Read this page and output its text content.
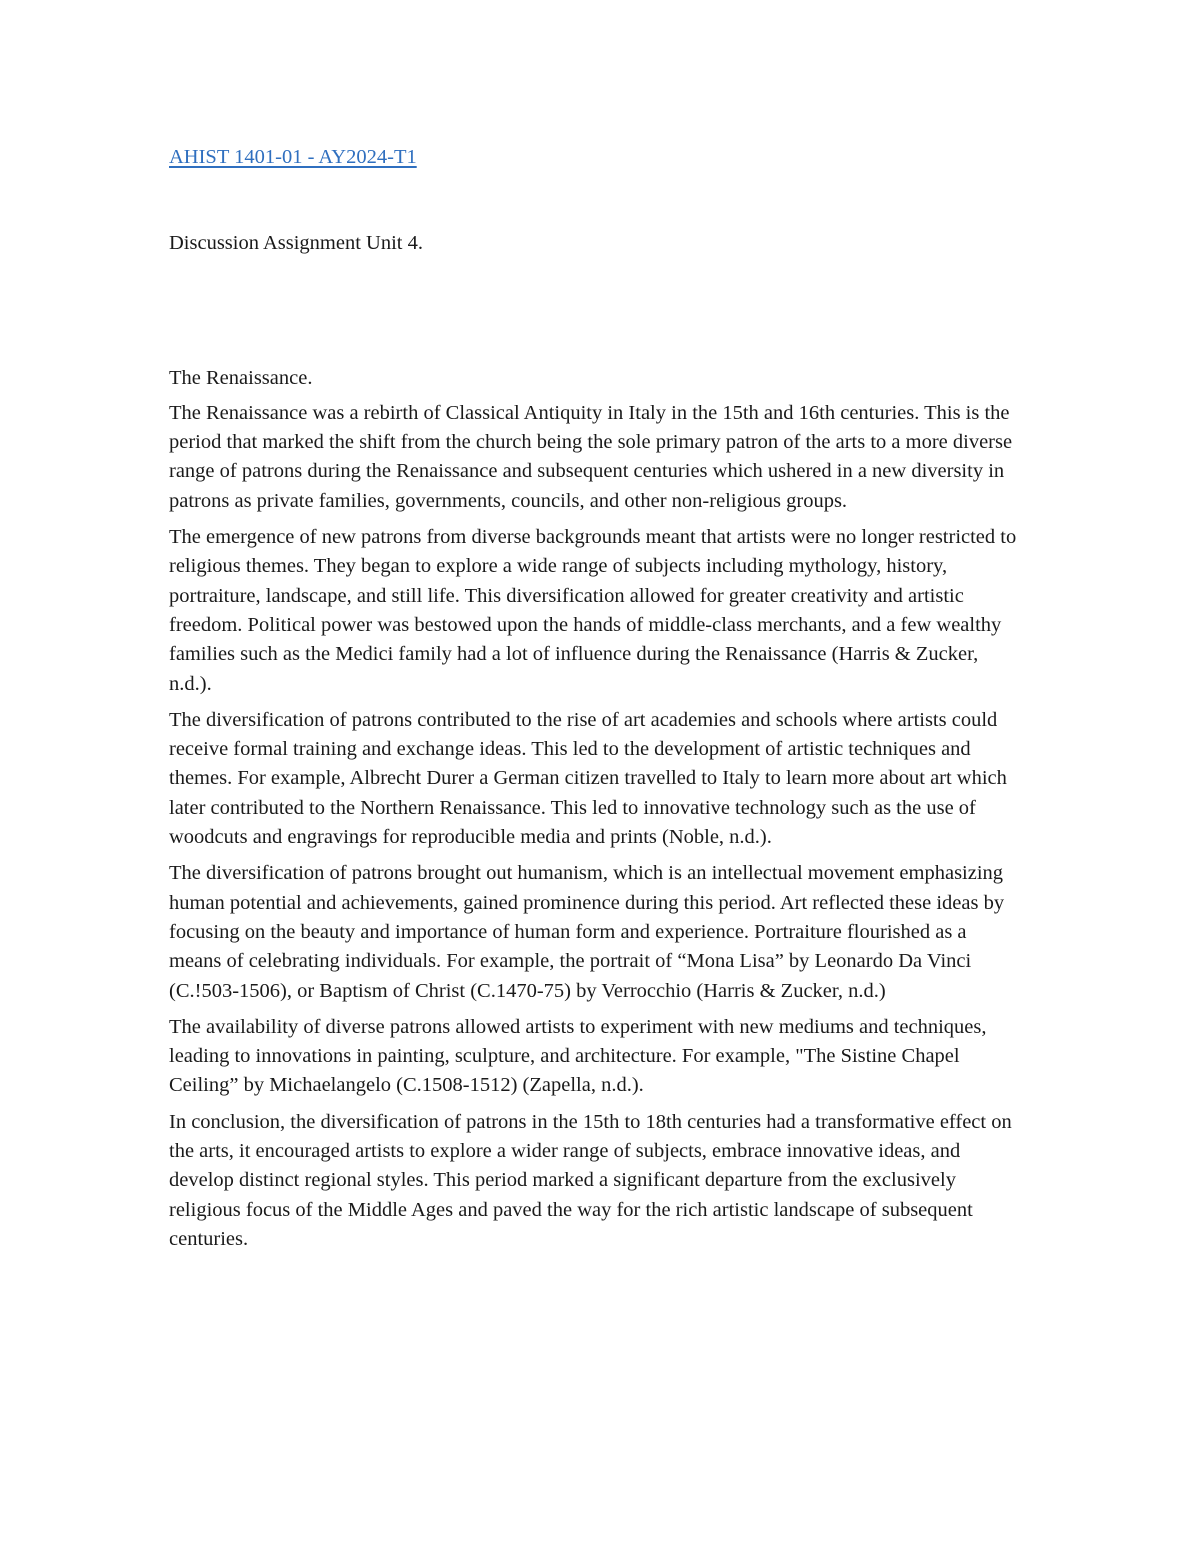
AHIST 1401-01 - AY2024-T1

Discussion Assignment Unit 4.

The Renaissance.

The Renaissance was a rebirth of Classical Antiquity in Italy in the 15th and 16th centuries. This is the period that marked the shift from the church being the sole primary patron of the arts to a more diverse range of patrons during the Renaissance and subsequent centuries which ushered in a new diversity in patrons as private families, governments, councils, and other non-religious groups.

The emergence of new patrons from diverse backgrounds meant that artists were no longer restricted to religious themes. They began to explore a wide range of subjects including mythology, history, portraiture, landscape, and still life. This diversification allowed for greater creativity and artistic freedom. Political power was bestowed upon the hands of middle-class merchants, and a few wealthy families such as the Medici family had a lot of influence during the Renaissance (Harris & Zucker, n.d.).

The diversification of patrons contributed to the rise of art academies and schools where artists could receive formal training and exchange ideas. This led to the development of artistic techniques and themes. For example, Albrecht Durer a German citizen travelled to Italy to learn more about art which later contributed to the Northern Renaissance. This led to innovative technology such as the use of woodcuts and engravings for reproducible media and prints (Noble, n.d.).

The diversification of patrons brought out humanism, which is an intellectual movement emphasizing human potential and achievements, gained prominence during this period. Art reflected these ideas by focusing on the beauty and importance of human form and experience. Portraiture flourished as a means of celebrating individuals. For example, the portrait of “Mona Lisa” by Leonardo Da Vinci (C.!503-1506), or Baptism of Christ (C.1470-75) by Verrocchio (Harris & Zucker, n.d.)

The availability of diverse patrons allowed artists to experiment with new mediums and techniques, leading to innovations in painting, sculpture, and architecture. For example, "The Sistine Chapel Ceiling” by Michaelangelo (C.1508-1512) (Zapella, n.d.).

In conclusion, the diversification of patrons in the 15th to 18th centuries had a transformative effect on the arts, it encouraged artists to explore a wider range of subjects, embrace innovative ideas, and develop distinct regional styles. This period marked a significant departure from the exclusively religious focus of the Middle Ages and paved the way for the rich artistic landscape of subsequent centuries.
